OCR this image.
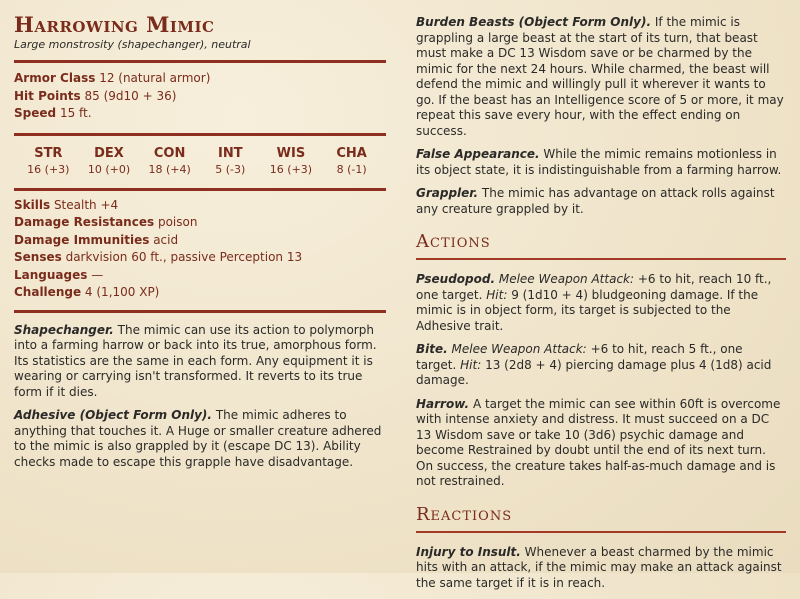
Harrowing Mimic
Large monstrosity (shapechanger), neutral
Armor Class 12 (natural armor)
Hit Points 85 (9d10 + 36)
Speed 15 ft.
STR
16 (+3)
DEX
10 (+0)
CON
18 (+4)
INT
5 (-3)
WIS
16 (+3)
CHA
8 (-1)
Skills Stealth +4
Damage Resistances poison
Damage Immunities acid
Senses darkvision 60 ft., passive Perception 13
Languages —
Challenge 4 (1,100 XP)

Shapechanger. The mimic can use its action to polymorph into a farming harrow or back into its true, amorphous form. Its statistics are the same in each form. Any equipment it is wearing or carrying isn't transformed. It reverts to its true form if it dies.

Adhesive (Object Form Only). The mimic adheres to anything that touches it. A Huge or smaller creature adhered to the mimic is also grappled by it (escape DC 13). Ability checks made to escape this grapple have disadvantage.

Burden Beasts (Object Form Only). If the mimic is grappling a large beast at the start of its turn, that beast must make a DC 13 Wisdom save or be charmed by the mimic for the next 24 hours. While charmed, the beast will defend the mimic and willingly pull it wherever it wants to go. If the beast has an Intelligence score of 5 or more, it may repeat this save every hour, with the effect ending on success.

False Appearance. While the mimic remains motionless in its object state, it is indistinguishable from a farming harrow.

Grappler. The mimic has advantage on attack rolls against any creature grappled by it.

Actions

Pseudopod. Melee Weapon Attack: +6 to hit, reach 10 ft., one target. Hit: 9 (1d10 + 4) bludgeoning damage. If the mimic is in object form, its target is subjected to the Adhesive trait.

Bite. Melee Weapon Attack: +6 to hit, reach 5 ft., one target. Hit: 13 (2d8 + 4) piercing damage plus 4 (1d8) acid damage.

Harrow. A target the mimic can see within 60ft is overcome with intense anxiety and distress. It must succeed on a DC 13 Wisdom save or take 10 (3d6) psychic damage and become Restrained by doubt until the end of its next turn. On success, the creature takes half-as-much damage and is not restrained.

Reactions

Injury to Insult. Whenever a beast charmed by the mimic hits with an attack, if the mimic may make an attack against the same target if it is in reach.
